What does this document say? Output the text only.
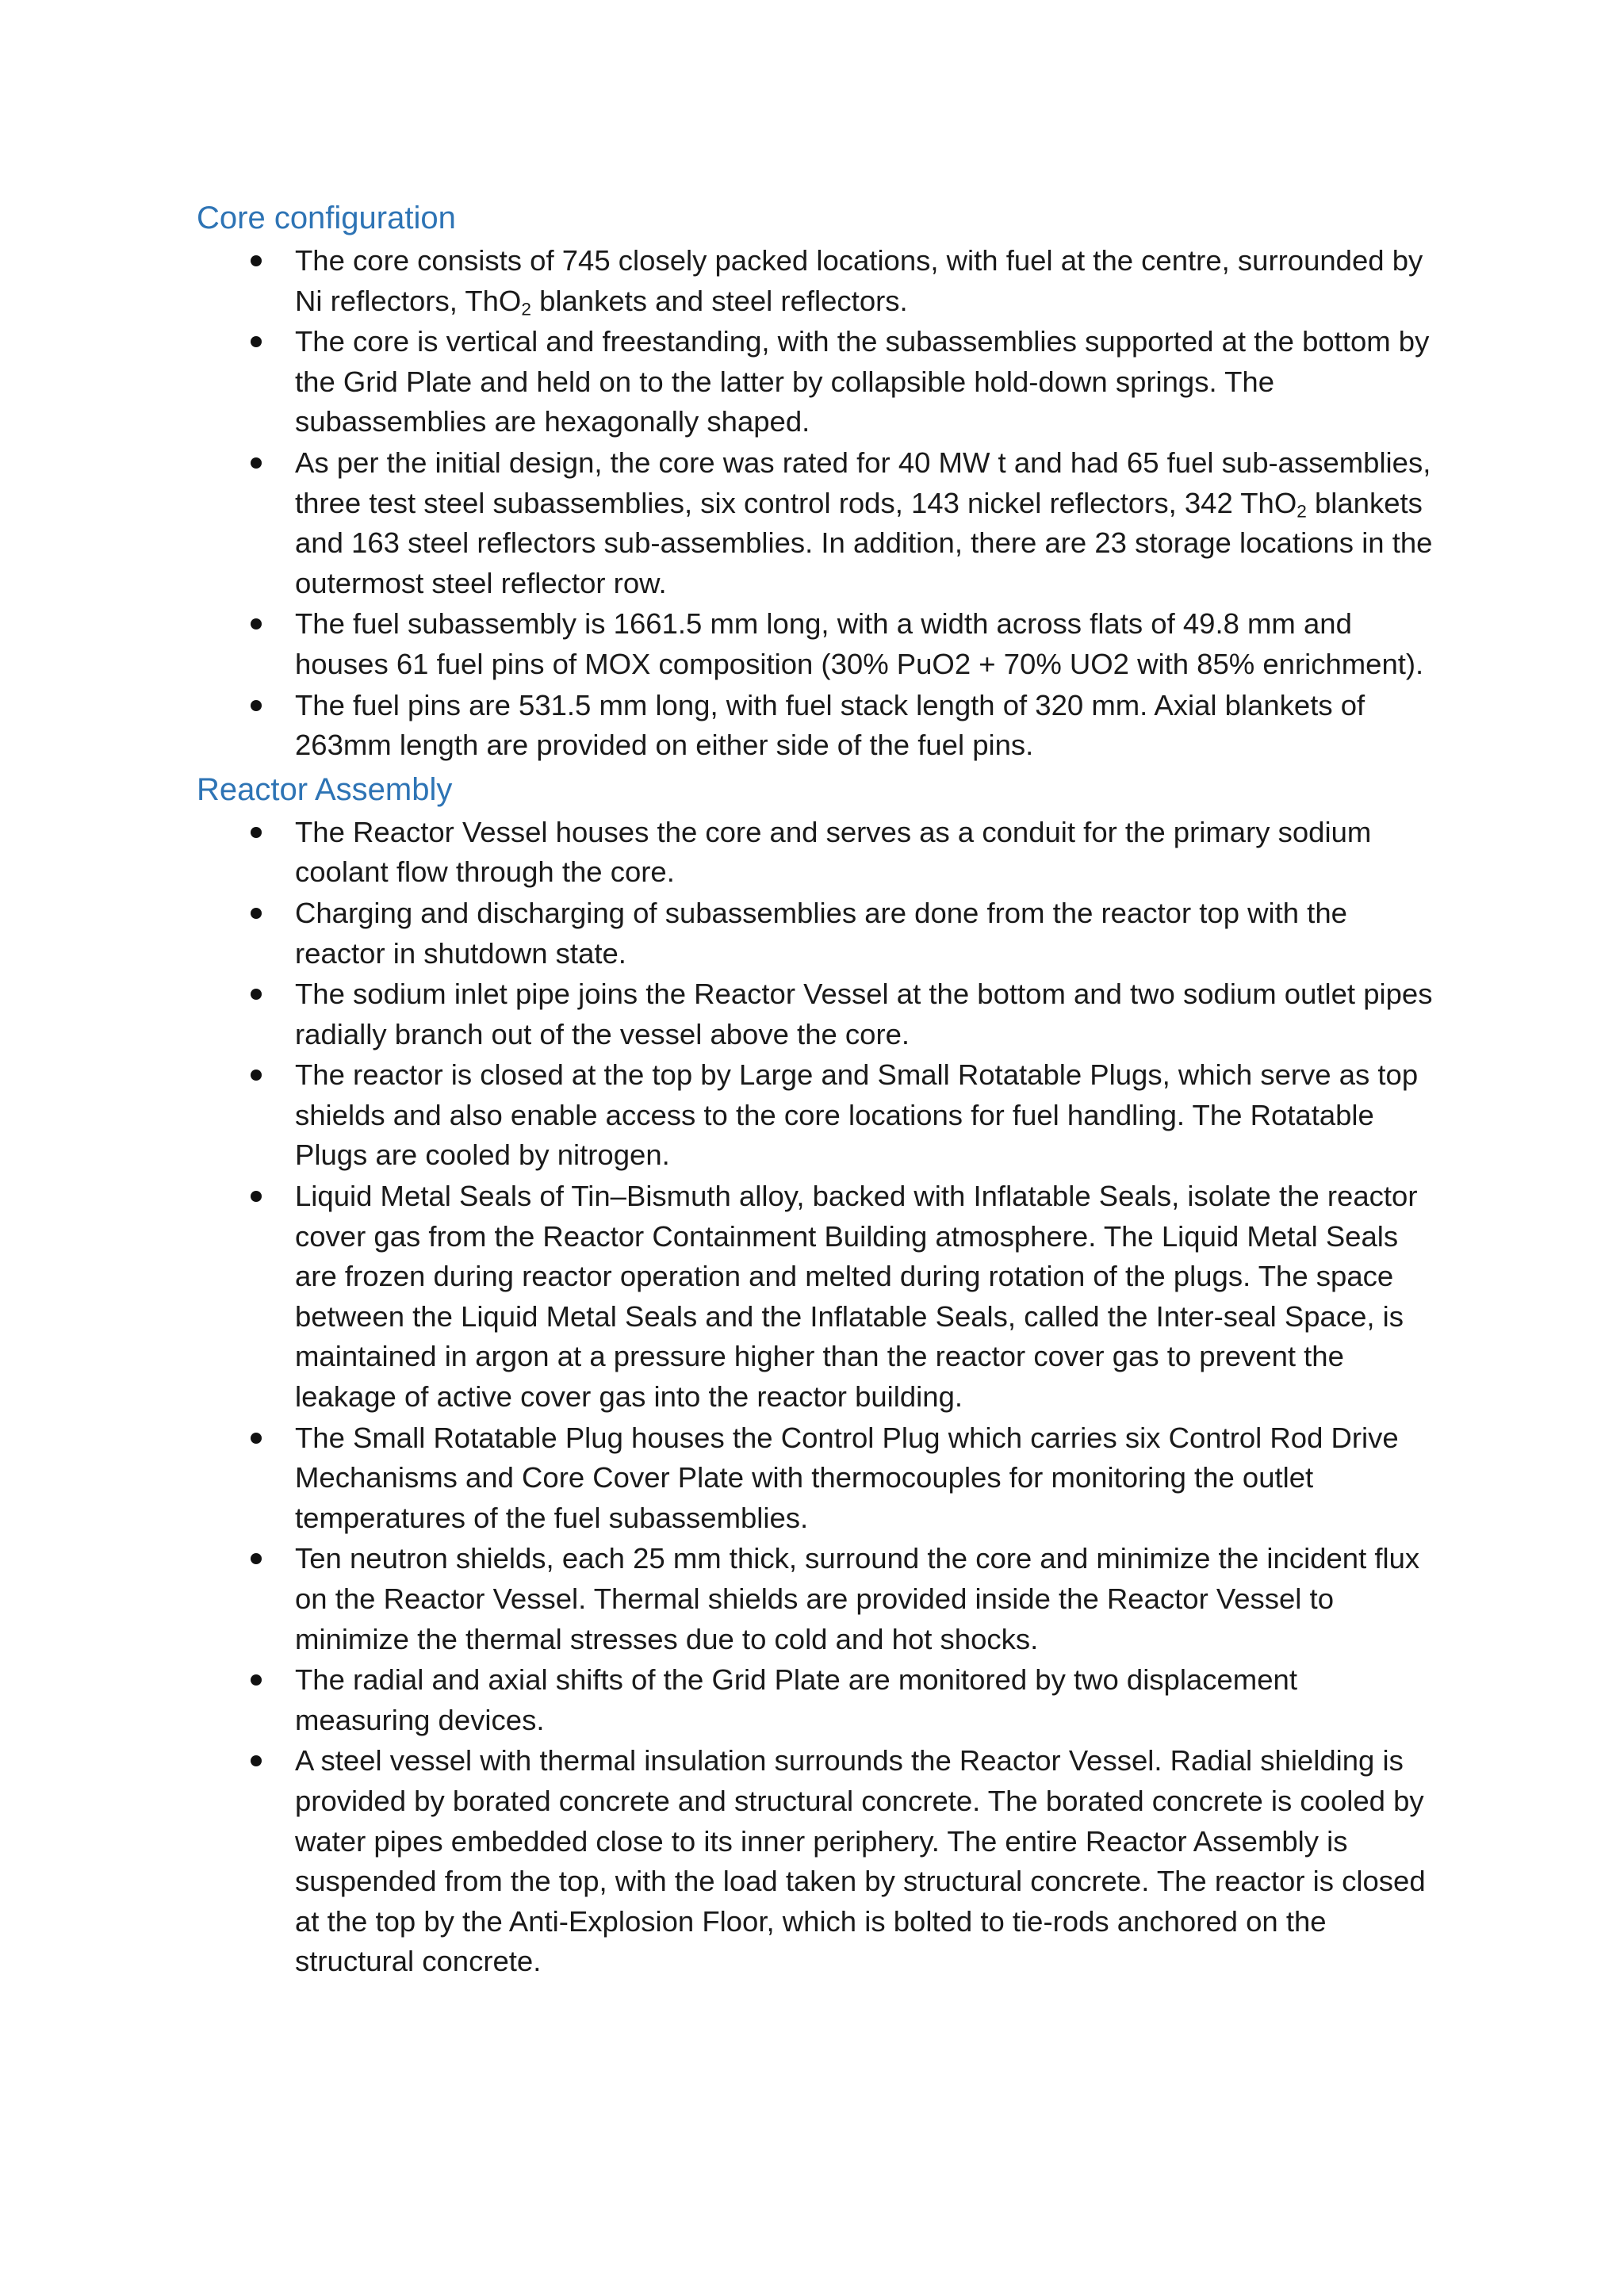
Core configuration
The core consists of 745 closely packed locations, with fuel at the centre, surrounded by Ni reflectors, ThO$_2$ blankets and steel reflectors.
The core is vertical and freestanding, with the subassemblies supported at the bottom by the Grid Plate and held on to the latter by collapsible hold-down springs. The subassemblies are hexagonally shaped.
As per the initial design, the core was rated for 40 MW t and had 65 fuel sub-assemblies, three test steel subassemblies, six control rods, 143 nickel reflectors, 342 ThO$_2$ blankets and 163 steel reflectors sub-assemblies. In addition, there are 23 storage locations in the outermost steel reflector row.
The fuel subassembly is 1661.5 mm long, with a width across flats of 49.8 mm and houses 61 fuel pins of MOX composition (30% PuO2 + 70% UO2 with 85% enrichment).
The fuel pins are 531.5 mm long, with fuel stack length of 320 mm. Axial blankets of 263mm length are provided on either side of the fuel pins.
Reactor Assembly
The Reactor Vessel houses the core and serves as a conduit for the primary sodium coolant flow through the core.
Charging and discharging of subassemblies are done from the reactor top with the reactor in shutdown state.
The sodium inlet pipe joins the Reactor Vessel at the bottom and two sodium outlet pipes radially branch out of the vessel above the core.
The reactor is closed at the top by Large and Small Rotatable Plugs, which serve as top shields and also enable access to the core locations for fuel handling. The Rotatable Plugs are cooled by nitrogen.
Liquid Metal Seals of Tin–Bismuth alloy, backed with Inflatable Seals, isolate the reactor cover gas from the Reactor Containment Building atmosphere. The Liquid Metal Seals are frozen during reactor operation and melted during rotation of the plugs. The space between the Liquid Metal Seals and the Inflatable Seals, called the Inter-seal Space, is maintained in argon at a pressure higher than the reactor cover gas to prevent the leakage of active cover gas into the reactor building.
The Small Rotatable Plug houses the Control Plug which carries six Control Rod Drive Mechanisms and Core Cover Plate with thermocouples for monitoring the outlet temperatures of the fuel subassemblies.
Ten neutron shields, each 25 mm thick, surround the core and minimize the incident flux on the Reactor Vessel. Thermal shields are provided inside the Reactor Vessel to minimize the thermal stresses due to cold and hot shocks.
The radial and axial shifts of the Grid Plate are monitored by two displacement measuring devices.
A steel vessel with thermal insulation surrounds the Reactor Vessel. Radial shielding is provided by borated concrete and structural concrete. The borated concrete is cooled by water pipes embedded close to its inner periphery. The entire Reactor Assembly is suspended from the top, with the load taken by structural concrete. The reactor is closed at the top by the Anti-Explosion Floor, which is bolted to tie-rods anchored on the structural concrete.
